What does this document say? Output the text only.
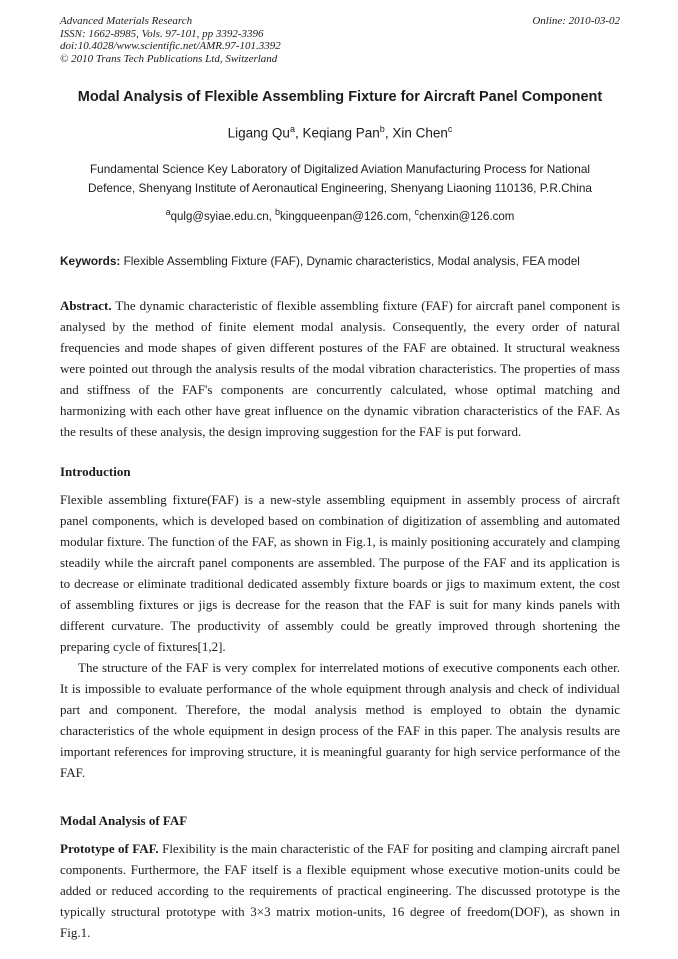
Advanced Materials Research
ISSN: 1662-8985, Vols. 97-101, pp 3392-3396
doi:10.4028/www.scientific.net/AMR.97-101.3392
© 2010 Trans Tech Publications Ltd, Switzerland
Online: 2010-03-02
Modal Analysis of Flexible Assembling Fixture for Aircraft Panel Component
Ligang Qu$^a$, Keqiang Pan$^b$, Xin Chen$^c$
Fundamental Science Key Laboratory of Digitalized Aviation Manufacturing Process for National Defence, Shenyang Institute of Aeronautical Engineering, Shenyang Liaoning 110136, P.R.China
$^a$qulg@syiae.edu.cn, $^b$kingqueenpan@126.com, $^c$chenxin@126.com

Keywords: Flexible Assembling Fixture (FAF), Dynamic characteristics, Modal analysis, FEA model

Abstract. The dynamic characteristic of flexible assembling fixture (FAF) for aircraft panel component is analysed by the method of finite element modal analysis. Consequently, the every order of natural frequencies and mode shapes of given different postures of the FAF are obtained. It structural weakness were pointed out through the analysis results of the modal vibration characteristics. The properties of mass and stiffness of the FAF's components are concurrently calculated, whose optimal matching and harmonizing with each other have great influence on the dynamic vibration characteristics of the FAF. As the results of these analysis, the design improving suggestion for the FAF is put forward.

Introduction

Flexible assembling fixture(FAF) is a new-style assembling equipment in assembly process of aircraft panel components, which is developed based on combination of digitization of assembling and automated modular fixture. The function of the FAF, as shown in Fig.1, is mainly positioning accurately and clamping steadily while the aircraft panel components are assembled. The purpose of the FAF and its application is to decrease or eliminate traditional dedicated assembly fixture boards or jigs to maximum extent, the cost of assembling fixtures or jigs is decrease for the reason that the FAF is suit for many kinds panels with different curvature. The productivity of assembly could be greatly improved through shortening the preparing cycle of fixtures[1,2].

The structure of the FAF is very complex for interrelated motions of executive components each other. It is impossible to evaluate performance of the whole equipment through analysis and check of individual part and component. Therefore, the modal analysis method is employed to obtain the dynamic characteristics of the whole equipment in design process of the FAF in this paper. The analysis results are important references for improving structure, it is meaningful guaranty for high service performance of the FAF.

Modal Analysis of FAF

Prototype of FAF. Flexibility is the main characteristic of the FAF for positing and clamping aircraft panel components. Furthermore, the FAF itself is a flexible equipment whose executive motion-units could be added or reduced according to the requirements of practical engineering. The discussed prototype is the typically structural prototype with 3×3 matrix motion-units, 16 degree of freedom(DOF), as shown in Fig.1.
